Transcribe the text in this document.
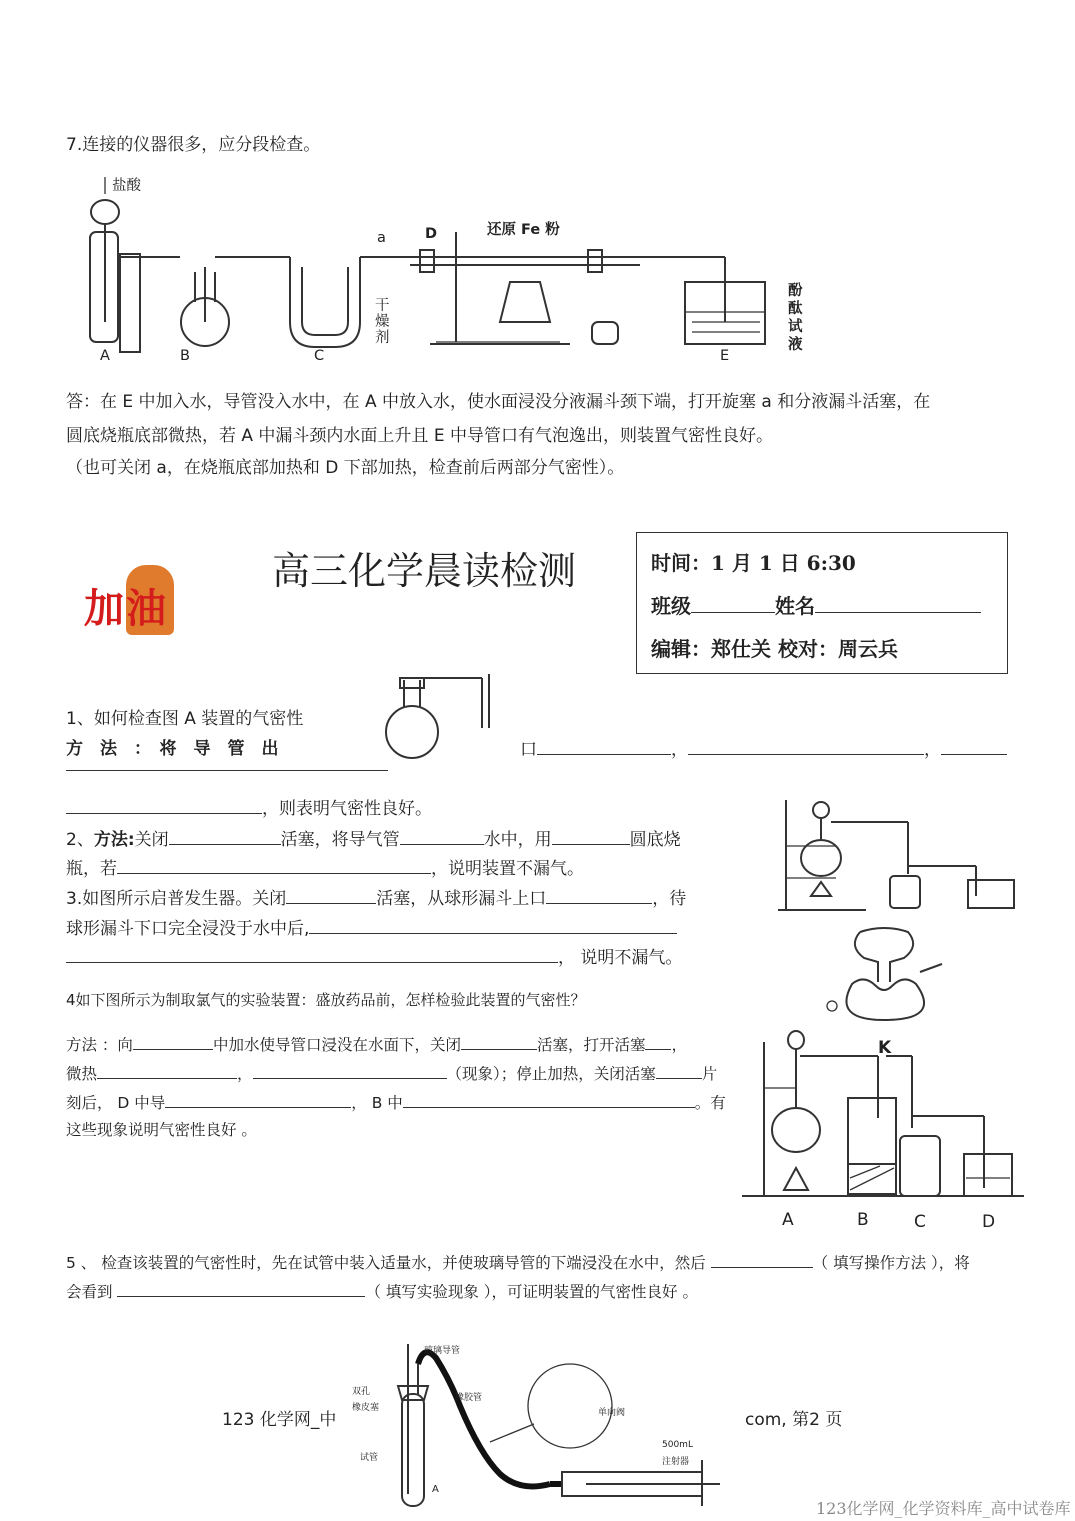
7.连接的仪器很多，应分段检查。
盐酸
a	D	还原 Fe 粉
干燥剂
酚酞试液
A	B	C	E
答：在 E 中加入水，导管没入水中，在 A 中放入水，使水面浸没分液漏斗颈下端，打开旋塞 a 和分液漏斗活塞，在
圆底烧瓶底部微热，若 A 中漏斗颈内水面上升且 E 中导管口有气泡逸出，则装置气密性良好。
（也可关闭 a，在烧瓶底部加热和 D 下部加热，检查前后两部分气密性）。
加油
高三化学晨读检测	时间：1 月 1 日 6:30
班级	姓名
编辑：郑仕关 校对：周云兵
1、如何检查图 A 装置的气密性
方　法　：　将　导　管　出	口	，	，
，则表明气密性良好。
2、方法:关闭	活塞，将导气管	水中，用	圆底烧
瓶，若	，说明装置不漏气。
3.如图所示启普发生器。关闭	活塞，从球形漏斗上口	，待
球形漏斗下口完全浸没于水中后,
， 说明不漏气。
4如下图所示为制取氯气的实验装置：盛放药品前，怎样检验此装置的气密性？
方法 ：向	中加水使导管口浸没在水面下，关闭	活塞，打开活塞 ，
微热	，	（现象）；停止加热，关闭活塞	片
刻后， D 中导	， B 中	。有
这些现象说明气密性良好 。
K
A	B	C	D
5 、 检查该装置的气密性时，先在试管中装入适量水，并使玻璃导管的下端浸没在水中，然后	（ 填写操作方法 ），将
会看到	（ 填写实验现象 ），可证明装置的气密性良好 。
玻璃导管
橡胶管
双孔
橡皮塞
试管
单向阀
500mL
注射器
A
123 化学网_中	com, 第2 页
123化学网_化学资料库_高中试卷库
